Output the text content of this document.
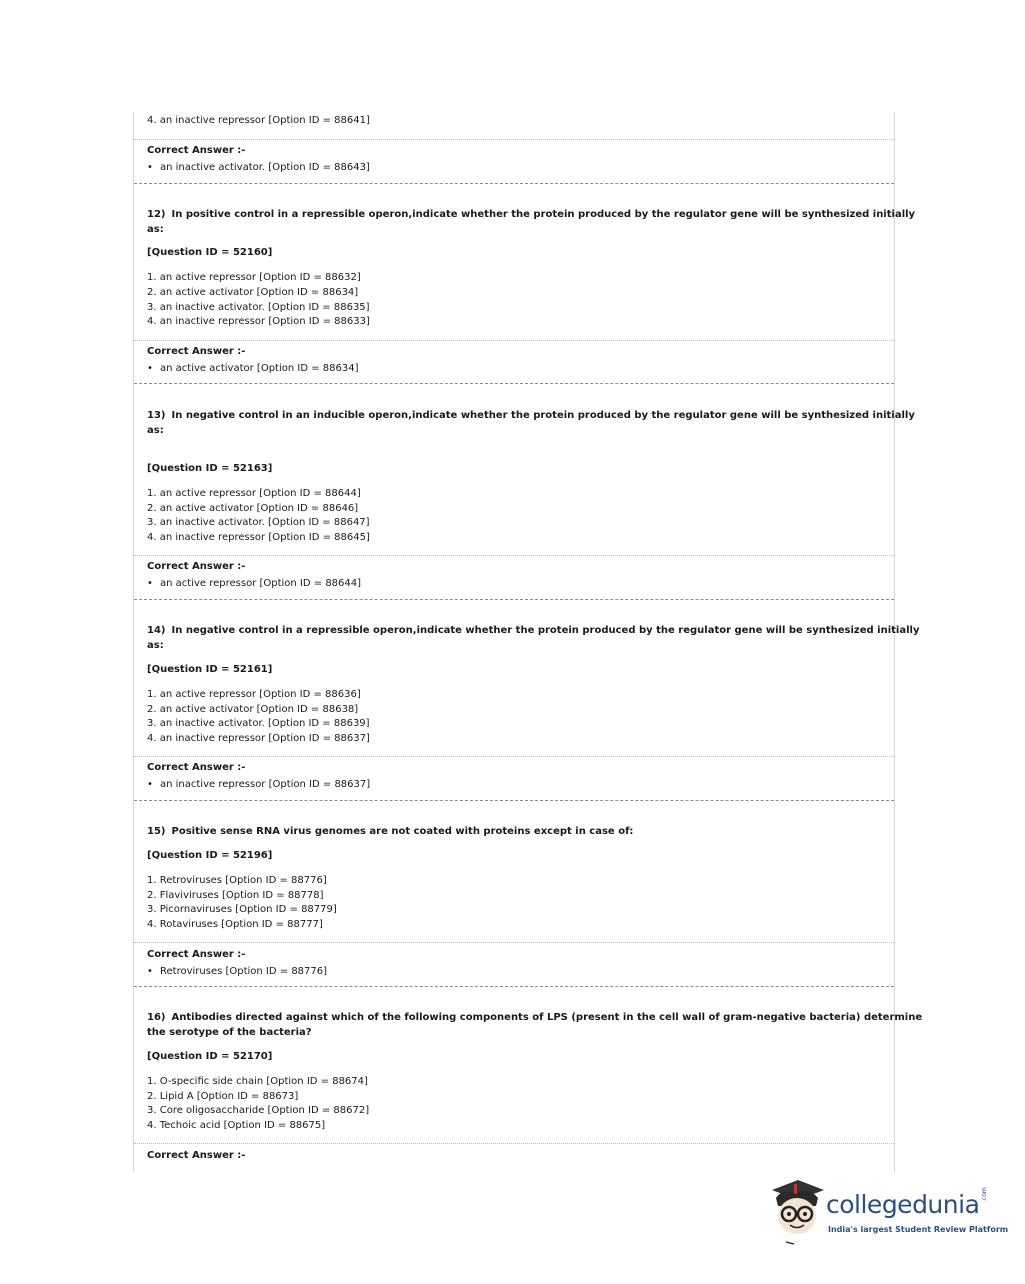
4. an inactive repressor [Option ID = 88641]
Correct Answer :-
• an inactive activator. [Option ID = 88643]
12) In positive control in a repressible operon,indicate whether the protein produced by the regulator gene will be synthesized initially
as:
[Question ID = 52160]
1. an active repressor [Option ID = 88632]
2. an active activator [Option ID = 88634]
3. an inactive activator. [Option ID = 88635]
4. an inactive repressor [Option ID = 88633]
Correct Answer :-
• an active activator [Option ID = 88634]
13) In negative control in an inducible operon,indicate whether the protein produced by the regulator gene will be synthesized initially
as:
[Question ID = 52163]
1. an active repressor [Option ID = 88644]
2. an active activator [Option ID = 88646]
3. an inactive activator. [Option ID = 88647]
4. an inactive repressor [Option ID = 88645]
Correct Answer :-
• an active repressor [Option ID = 88644]
14) In negative control in a repressible operon,indicate whether the protein produced by the regulator gene will be synthesized initially
as:
[Question ID = 52161]
1. an active repressor [Option ID = 88636]
2. an active activator [Option ID = 88638]
3. an inactive activator. [Option ID = 88639]
4. an inactive repressor [Option ID = 88637]
Correct Answer :-
• an inactive repressor [Option ID = 88637]
15) Positive sense RNA virus genomes are not coated with proteins except in case of:
[Question ID = 52196]
1. Retroviruses [Option ID = 88776]
2. Flaviviruses [Option ID = 88778]
3. Picornaviruses [Option ID = 88779]
4. Rotaviruses [Option ID = 88777]
Correct Answer :-
• Retroviruses [Option ID = 88776]
16) Antibodies directed against which of the following components of LPS (present in the cell wall of gram-negative bacteria) determine
the serotype of the bacteria?
[Question ID = 52170]
1. O-specific side chain [Option ID = 88674]
2. Lipid A [Option ID = 88673]
3. Core oligosaccharide [Option ID = 88672]
4. Techoic acid [Option ID = 88675]
Correct Answer :-
collegedunia .com
India's largest Student Review Platform
